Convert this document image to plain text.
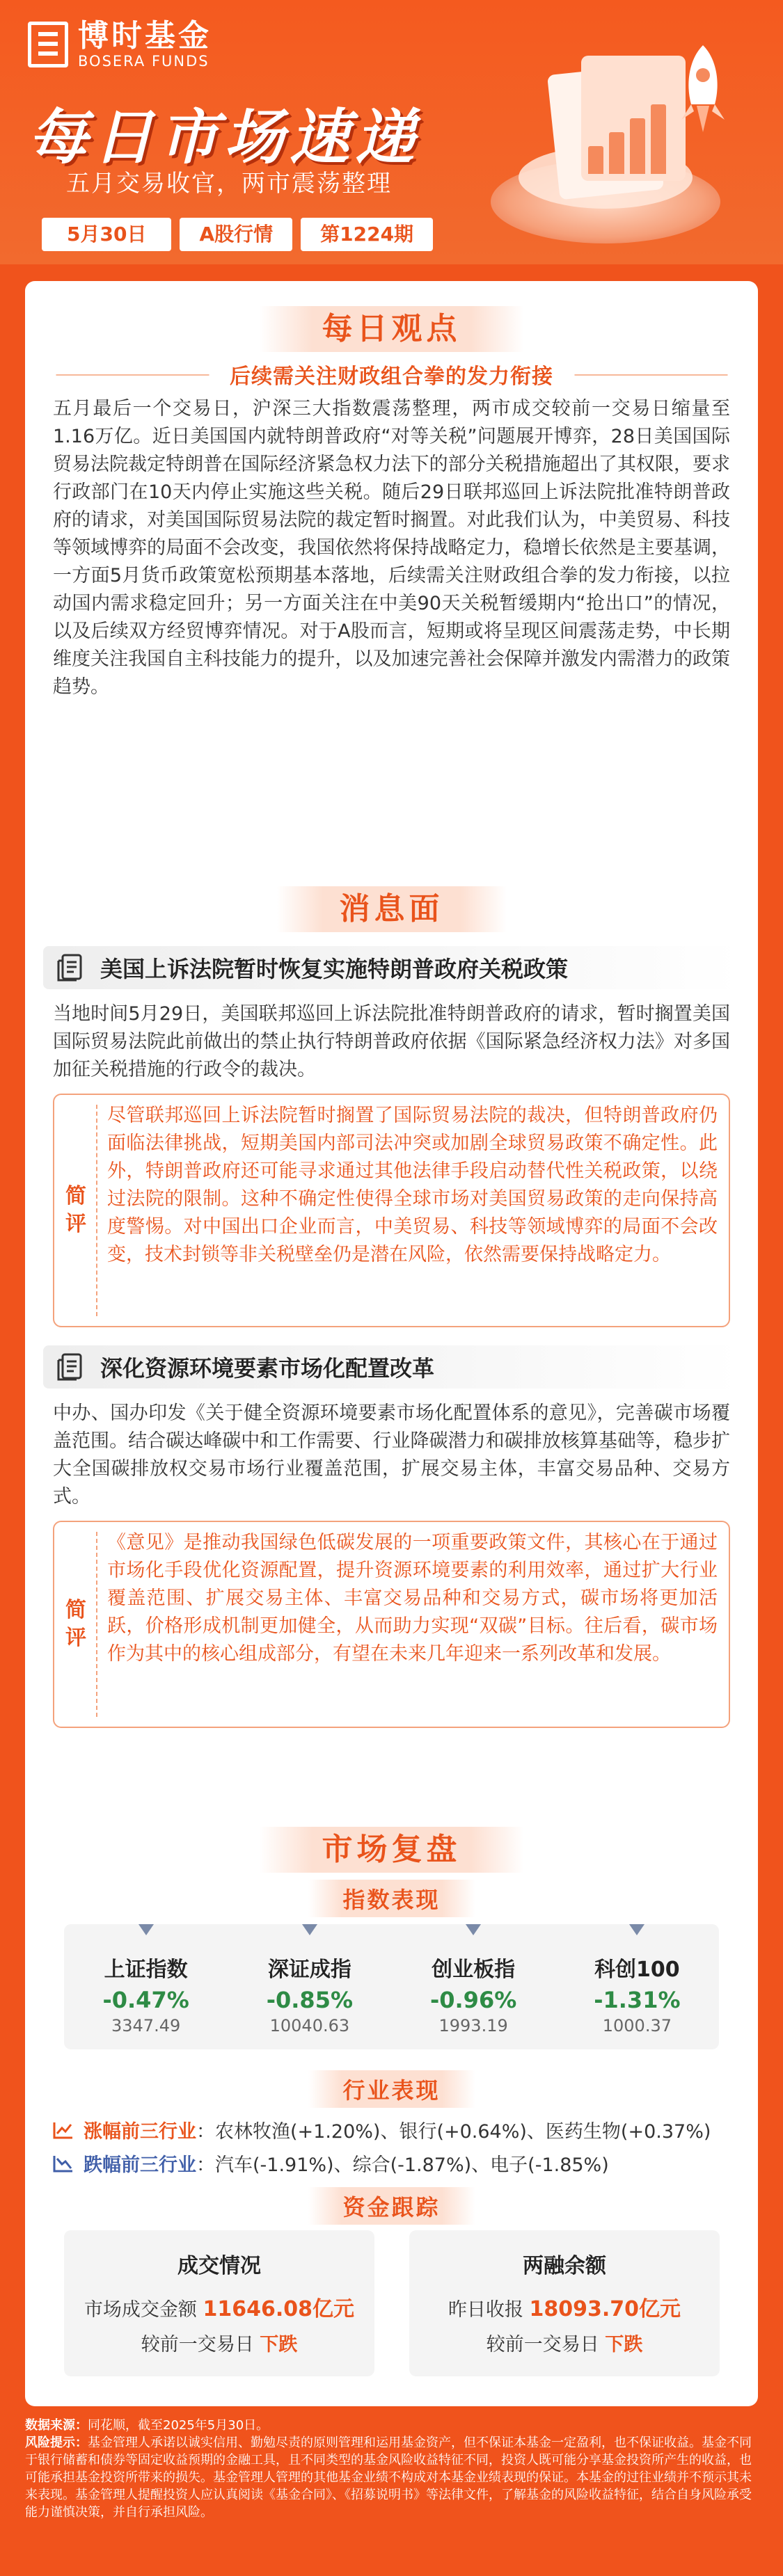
博时基金
BOSERA FUNDS
每日市场速递
五月交易收官，两市震荡整理
5月30日	A股行情	第1224期
每日观点
后续需关注财政组合拳的发力衔接
五月最后一个交易日，沪深三大指数震荡整理，两市成交较前一交易日缩量至1.16万亿。近日美国国内就特朗普政府“对等关税”问题展开博弈，28日美国国际贸易法院裁定特朗普在国际经济紧急权力法下的部分关税措施超出了其权限，要求行政部门在10天内停止实施这些关税。随后29日联邦巡回上诉法院批准特朗普政府的请求，对美国国际贸易法院的裁定暂时搁置。对此我们认为，中美贸易、科技等领域博弈的局面不会改变，我国依然将保持战略定力，稳增长依然是主要基调，一方面5月货币政策宽松预期基本落地，后续需关注财政组合拳的发力衔接，以拉动国内需求稳定回升；另一方面关注在中美90天关税暂缓期内“抢出口”的情况，以及后续双方经贸博弈情况。对于A股而言，短期或将呈现区间震荡走势，中长期维度关注我国自主科技能力的提升，以及加速完善社会保障并激发内需潜力的政策趋势。
消息面
美国上诉法院暂时恢复实施特朗普政府关税政策
当地时间5月29日，美国联邦巡回上诉法院批准特朗普政府的请求，暂时搁置美国国际贸易法院此前做出的禁止执行特朗普政府依据《国际紧急经济权力法》对多国加征关税措施的行政令的裁决。
简
评
尽管联邦巡回上诉法院暂时搁置了国际贸易法院的裁决，但特朗普政府仍面临法律挑战，短期美国内部司法冲突或加剧全球贸易政策不确定性。此外，特朗普政府还可能寻求通过其他法律手段启动替代性关税政策，以绕过法院的限制。这种不确定性使得全球市场对美国贸易政策的走向保持高度警惕。对中国出口企业而言，中美贸易、科技等领域博弈的局面不会改变，技术封锁等非关税壁垒仍是潜在风险，依然需要保持战略定力。
深化资源环境要素市场化配置改革
中办、国办印发《关于健全资源环境要素市场化配置体系的意见》，完善碳市场覆盖范围。结合碳达峰碳中和工作需要、行业降碳潜力和碳排放核算基础等，稳步扩大全国碳排放权交易市场行业覆盖范围，扩展交易主体，丰富交易品种、交易方式。
简
评
《意见》是推动我国绿色低碳发展的一项重要政策文件，其核心在于通过市场化手段优化资源配置，提升资源环境要素的利用效率，通过扩大行业覆盖范围、扩展交易主体、丰富交易品种和交易方式，碳市场将更加活跃，价格形成机制更加健全，从而助力实现“双碳”目标。往后看，碳市场作为其中的核心组成部分，有望在未来几年迎来一系列改革和发展。
市场复盘
指数表现
上证指数
-0.47%
3347.49
深证成指
-0.85%
10040.63
创业板指
-0.96%
1993.19
科创100
-1.31%
1000.37
行业表现
涨幅前三行业 ：农林牧渔(+1.20%)、银行(+0.64%)、医药生物(+0.37%)
跌幅前三行业 ：汽车(-1.91%)、综合(-1.87%)、电子(-1.85%)
资金跟踪
成交情况
市场成交金额 11646.08亿元
较前一交易日 下跌
两融余额
昨日收报 18093.70亿元
较前一交易日 下跌
数据来源：同花顺，截至2025年5月30日。
风险提示：基金管理人承诺以诚实信用、勤勉尽责的原则管理和运用基金资产，但不保证本基金一定盈利，也不保证收益。基金不同于银行储蓄和债券等固定收益预期的金融工具，且不同类型的基金风险收益特征不同，投资人既可能分享基金投资所产生的收益，也可能承担基金投资所带来的损失。基金管理人管理的其他基金业绩不构成对本基金业绩表现的保证。本基金的过往业绩并不预示其未来表现。基金管理人提醒投资人应认真阅读《基金合同》、《招募说明书》等法律文件，了解基金的风险收益特征，结合自身风险承受能力谨慎决策，并自行承担风险。
